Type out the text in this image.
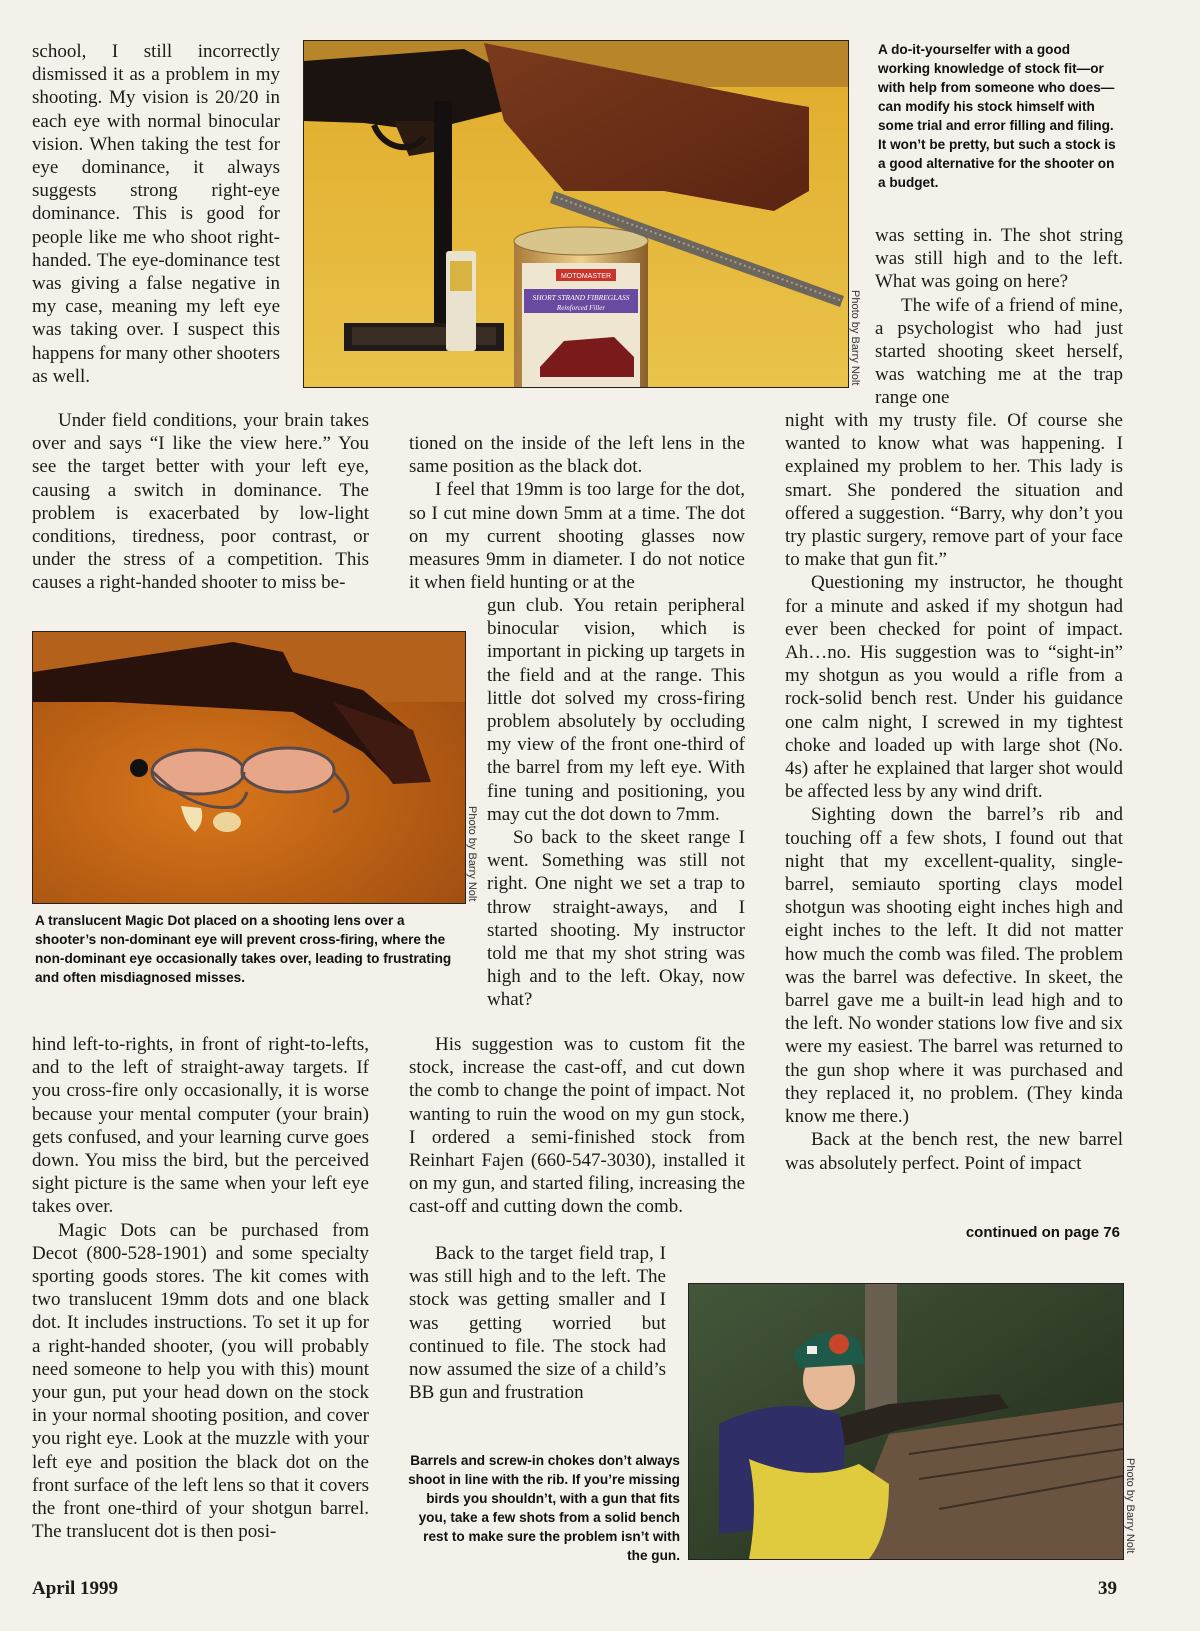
MOTOMASTER
SHORT STRAND FIBREGLASS
Reinforced Filler	Photo by Barry Nolt
A do-it-yourselfer with a good working knowledge of stock fit—or with help from someone who does—can modify his stock himself with some trial and error filling and filing. It won’t be pretty, but such a stock is a good alternative for the shooter on a budget.
Photo by Barry Nolt
A translucent Magic Dot placed on a shooting lens over a shooter’s non-dominant eye will prevent cross-firing, where the non-dominant eye occasionally takes over, leading to frustrating and often misdiagnosed misses.
Photo by Barry Nolt
Barrels and screw-in chokes don’t always shoot in line with the rib. If you’re missing birds you shouldn’t, with a gun that fits you, take a few shots from a solid bench rest to make sure the problem isn’t with the gun.

school, I still incorrectly dismissed it as a problem in my shooting. My vision is 20/20 in each eye with normal binocular vision. When taking the test for eye dominance, it always suggests strong right-eye dominance. This is good for people like me who shoot right-handed. The eye-dominance test was giving a false negative in my case, meaning my left eye was taking over. I suspect this happens for many other shooters as well.

Under field conditions, your brain takes over and says “I like the view here.” You see the target better with your left eye, causing a switch in dominance. The problem is exacerbated by low-light conditions, tiredness, poor contrast, or under the stress of a competition. This causes a right-handed shooter to miss be-

hind left-to-rights, in front of right-to-lefts, and to the left of straight-away targets. If you cross-fire only occasionally, it is worse because your mental computer (your brain) gets confused, and your learning curve goes down. You miss the bird, but the perceived sight picture is the same when your left eye takes over.

Magic Dots can be purchased from Decot (800-528-1901) and some specialty sporting goods stores. The kit comes with two translucent 19mm dots and one black dot. It includes instructions. To set it up for a right-handed shooter, (you will probably need someone to help you with this) mount your gun, put your head down on the stock in your normal shooting position, and cover you right eye. Look at the muzzle with your left eye and position the black dot on the front surface of the left lens so that it covers the front one-third of your shotgun barrel. The translucent dot is then posi-

tioned on the inside of the left lens in the same position as the black dot.

I feel that 19mm is too large for the dot, so I cut mine down 5mm at a time. The dot on my current shooting glasses now measures 9mm in diameter. I do not notice it when field hunting or at the

gun club. You retain peripheral binocular vision, which is important in picking up targets in the field and at the range. This little dot solved my cross-firing problem absolutely by occluding my view of the front one-third of the barrel from my left eye. With fine tuning and positioning, you may cut the dot down to 7mm.

So back to the skeet range I went. Something was still not right. One night we set a trap to throw straight-aways, and I started shooting. My instructor told me that my shot string was high and to the left. Okay, now what?

His suggestion was to custom fit the stock, increase the cast-off, and cut down the comb to change the point of impact. Not wanting to ruin the wood on my gun stock, I ordered a semi-finished stock from Reinhart Fajen (660-547-3030), installed it on my gun, and started filing, increasing the cast-off and cutting down the comb.

Back to the target field trap, I was still high and to the left. The stock was getting smaller and I was getting worried but continued to file. The stock had now assumed the size of a child’s BB gun and frustration

was setting in. The shot string was still high and to the left. What was going on here?

The wife of a friend of mine, a psychologist who had just started shooting skeet herself, was watching me at the trap range one

night with my trusty file. Of course she wanted to know what was happening. I explained my problem to her. This lady is smart. She pondered the situation and offered a suggestion. “Barry, why don’t you try plastic surgery, remove part of your face to make that gun fit.”

Questioning my instructor, he thought for a minute and asked if my shotgun had ever been checked for point of impact. Ah…no. His suggestion was to “sight-in” my shotgun as you would a rifle from a rock-solid bench rest. Under his guidance one calm night, I screwed in my tightest choke and loaded up with large shot (No. 4s) after he explained that larger shot would be affected less by any wind drift.

Sighting down the barrel’s rib and touching off a few shots, I found out that night that my excellent-quality, single-barrel, semiauto sporting clays model shotgun was shooting eight inches high and eight inches to the left. It did not matter how much the comb was filed. The problem was the barrel was defective. In skeet, the barrel gave me a built-in lead high and to the left. No wonder stations low five and six were my easiest. The barrel was returned to the gun shop where it was purchased and they replaced it, no problem. (They kinda know me there.)

Back at the bench rest, the new barrel was absolutely perfect. Point of impact

continued on page 76
April 1999	39
